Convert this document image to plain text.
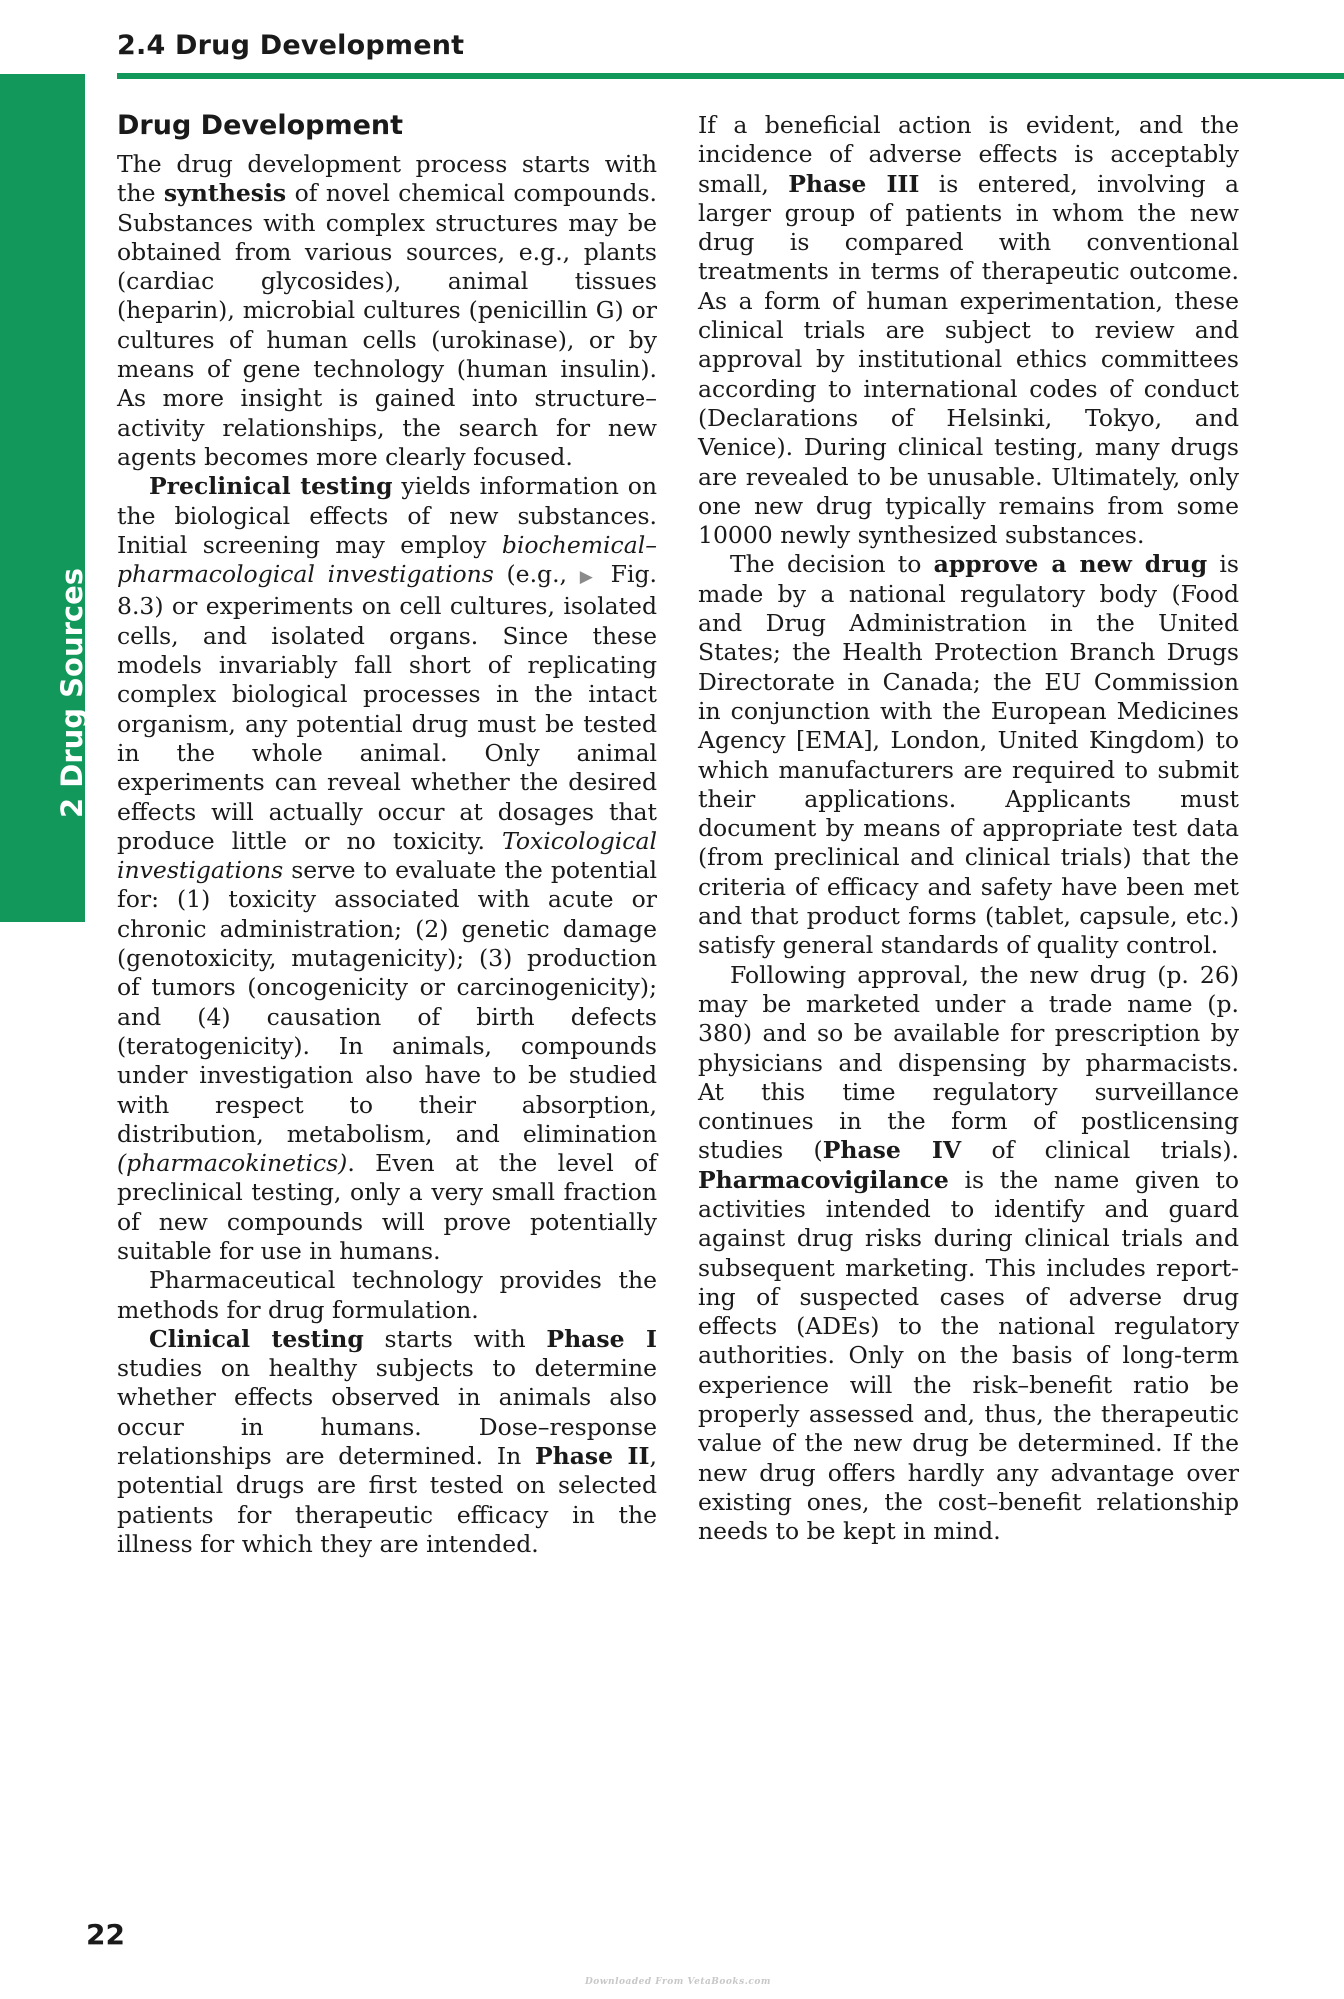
2.4 Drug Development
2 Drug Sources
Drug Development

The drug development process starts with the synthesis of novel chemical compounds. Substances with complex structures may be obtained from various sources, e.g., plants (cardiac glycosides), animal tissues (heparin), microbial cultures (penicillin G) or cultures of human cells (urokinase), or by means of gene technology (human insulin). As more insight is gained into structure–activity relationships, the search for new agents becomes more clearly focused.

Preclinical testing yields information on the biological effects of new substances. Initial screening may employ biochemical–pharmacological investigations (e.g., ▶ Fig. 8.3) or experiments on cell cultures, isolated cells, and isolated organs. Since these models invariably fall short of replicating complex biological processes in the intact organism, any potential drug must be tested in the whole animal. Only animal experiments can reveal whether the desired effects will actually occur at dosages that produce little or no toxicity. Toxicological investigations serve to evaluate the potential for: (1) toxicity associated with acute or chronic administration; (2) genetic damage (genotoxicity, mutagenicity); (3) production of tumors (oncogenicity or carcinogenicity); and (4) causation of birth defects (teratogenicity). In animals, compounds under investigation also have to be studied with respect to their absorption, distribution, metabolism, and elimination (pharmacokinetics). Even at the level of preclinical testing, only a very small fraction of new compounds will prove potentially suitable for use in humans.

Pharmaceutical technology provides the methods for drug formulation.

Clinical testing starts with Phase I studies on healthy subjects to determine whether effects observed in animals also occur in humans. Dose–response relationships are determined. In Phase II, potential drugs are first tested on selected patients for therapeutic efficacy in the illness for which they are intended.

If a beneficial action is evident, and the incidence of adverse effects is acceptably small, Phase III is entered, involving a larger group of patients in whom the new drug is compared with conventional treatments in terms of therapeutic outcome. As a form of human experimentation, these clinical trials are subject to review and approval by institutional ethics committees according to international codes of conduct (Declarations of Helsinki, Tokyo, and Venice). During clinical testing, many drugs are revealed to be unusable. Ultimately, only one new drug typically remains from some 10000 newly synthesized substances.

The decision to approve a new drug is made by a national regulatory body (Food and Drug Administration in the United States; the Health Protection Branch Drugs Directorate in Canada; the EU Commission in conjunction with the European Medicines Agency [EMA], London, United Kingdom) to which manufacturers are required to submit their applications. Applicants must document by means of appropriate test data (from preclinical and clinical trials) that the criteria of efficacy and safety have been met and that product forms (tablet, capsule, etc.) satisfy general standards of quality control.

Following approval, the new drug (p. 26) may be marketed under a trade name (p. 380) and so be available for prescription by physicians and dispensing by pharmacists. At this time regulatory surveillance continues in the form of postlicensing studies (Phase IV of clinical trials). Pharmacovigilance is the name given to activities intended to identify and guard against drug risks during clinical trials and subsequent marketing. This includes reporting of suspected cases of adverse drug effects (ADEs) to the national regulatory authorities. Only on the basis of long-term experience will the risk–benefit ratio be properly assessed and, thus, the therapeutic value of the new drug be determined. If the new drug offers hardly any advantage over existing ones, the cost–benefit relationship needs to be kept in mind.

22
Downloaded From VetaBooks.com
